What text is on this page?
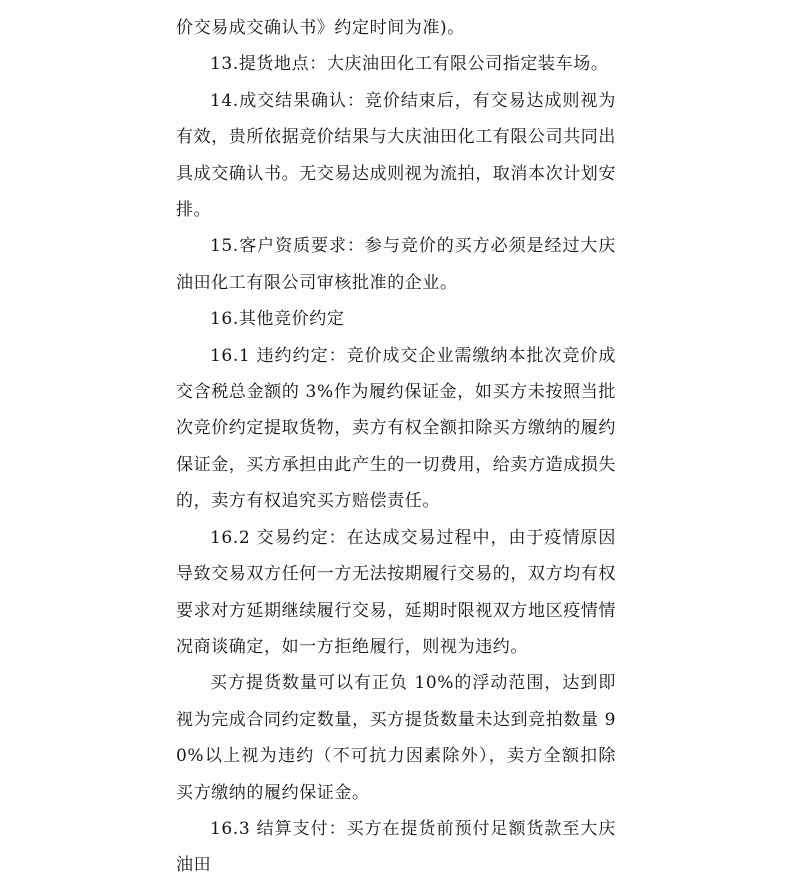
价交易成交确认书》约定时间为准)。

13.提货地点：大庆油田化工有限公司指定装车场。

14.成交结果确认：竞价结束后，有交易达成则视为有效，贵所依据竞价结果与大庆油田化工有限公司共同出具成交确认书。无交易达成则视为流拍，取消本次计划安排。

15.客户资质要求：参与竞价的买方必须是经过大庆油田化工有限公司审核批准的企业。

16.其他竞价约定

16.1 违约约定：竞价成交企业需缴纳本批次竞价成交含税总金额的 3%作为履约保证金，如买方未按照当批次竞价约定提取货物，卖方有权全额扣除买方缴纳的履约保证金，买方承担由此产生的一切费用，给卖方造成损失的，卖方有权追究买方赔偿责任。

16.2 交易约定：在达成交易过程中，由于疫情原因导致交易双方任何一方无法按期履行交易的，双方均有权要求对方延期继续履行交易，延期时限视双方地区疫情情况商谈确定，如一方拒绝履行，则视为违约。

买方提货数量可以有正负 10%的浮动范围，达到即视为完成合同约定数量，买方提货数量未达到竞拍数量 90%以上视为违约（不可抗力因素除外），卖方全额扣除买方缴纳的履约保证金。

16.3 结算支付：买方在提货前预付足额货款至大庆油田
